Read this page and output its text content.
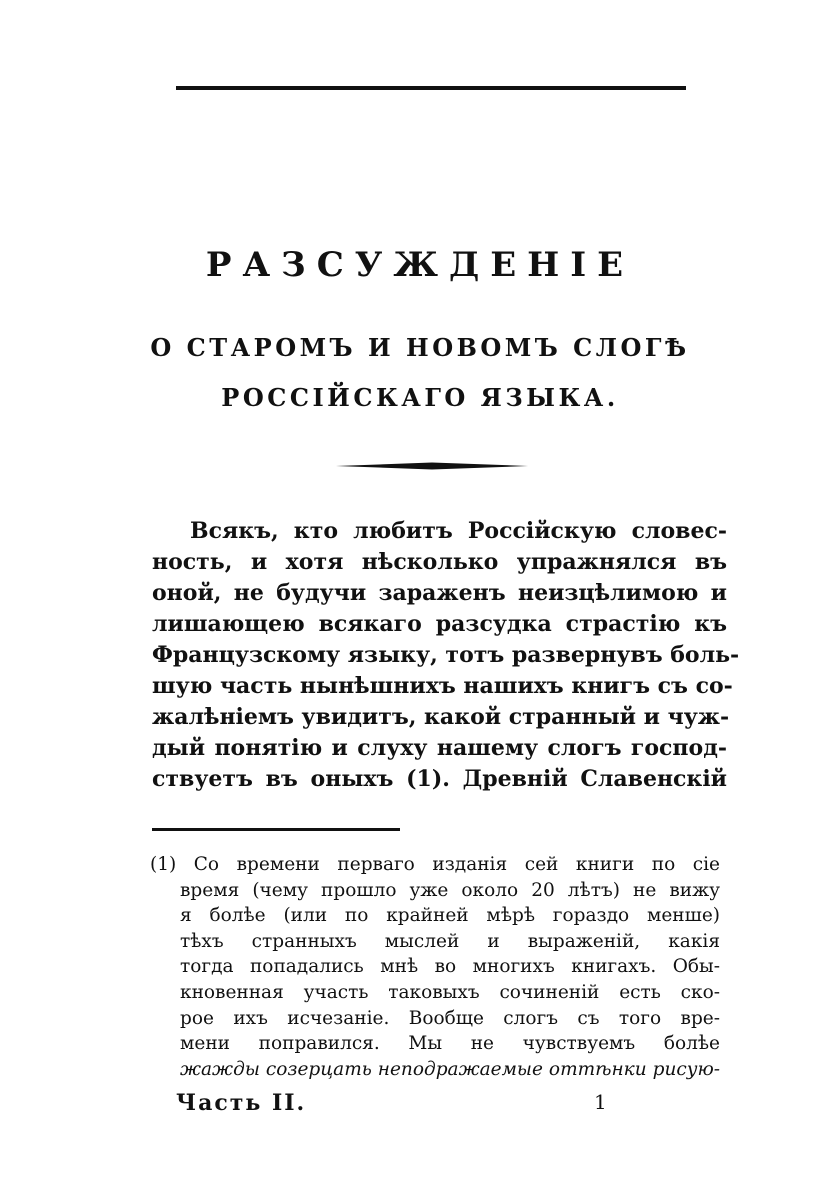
РАЗСУЖДЕНІЕ

О СТАРОМЪ И НОВОМЪ СЛОГѢ

РОССІЙСКАГО ЯЗЫКА.

Всякъ, кто любитъ Россійскую словес-
ность, и хотя нѣсколько упражнялся въ
оной, не будучи зараженъ неизцѣлимою и
лишающею всякаго разсудка страстію къ
Французскому языку, тотъ развернувъ боль-
шую часть нынѣшнихъ нашихъ книгъ съ со-
жалѣніемъ увидитъ, какой странный и чуж-
дый понятію и слуху нашему слогъ господ-
ствуетъ въ оныхъ (1). Древній Славенскій
(1) Со времени перваго изданія сей книги по сіе
время (чему прошло уже около 20 лѣтъ) не вижу
я болѣе (или по крайней мѣрѣ гораздо менше)
тѣхъ странныхъ мыслей и выраженій, какія
тогда попадались мнѣ во многихъ книгахъ. Обы-
кновенная участь таковыхъ сочиненій есть ско-
рое ихъ исчезаніе. Вообще слогъ съ того вре-
мени поправился. Мы не чувствуемъ болѣе
жажды созерцать неподражаемые оттѣнки рисую-

Часть II.	1
